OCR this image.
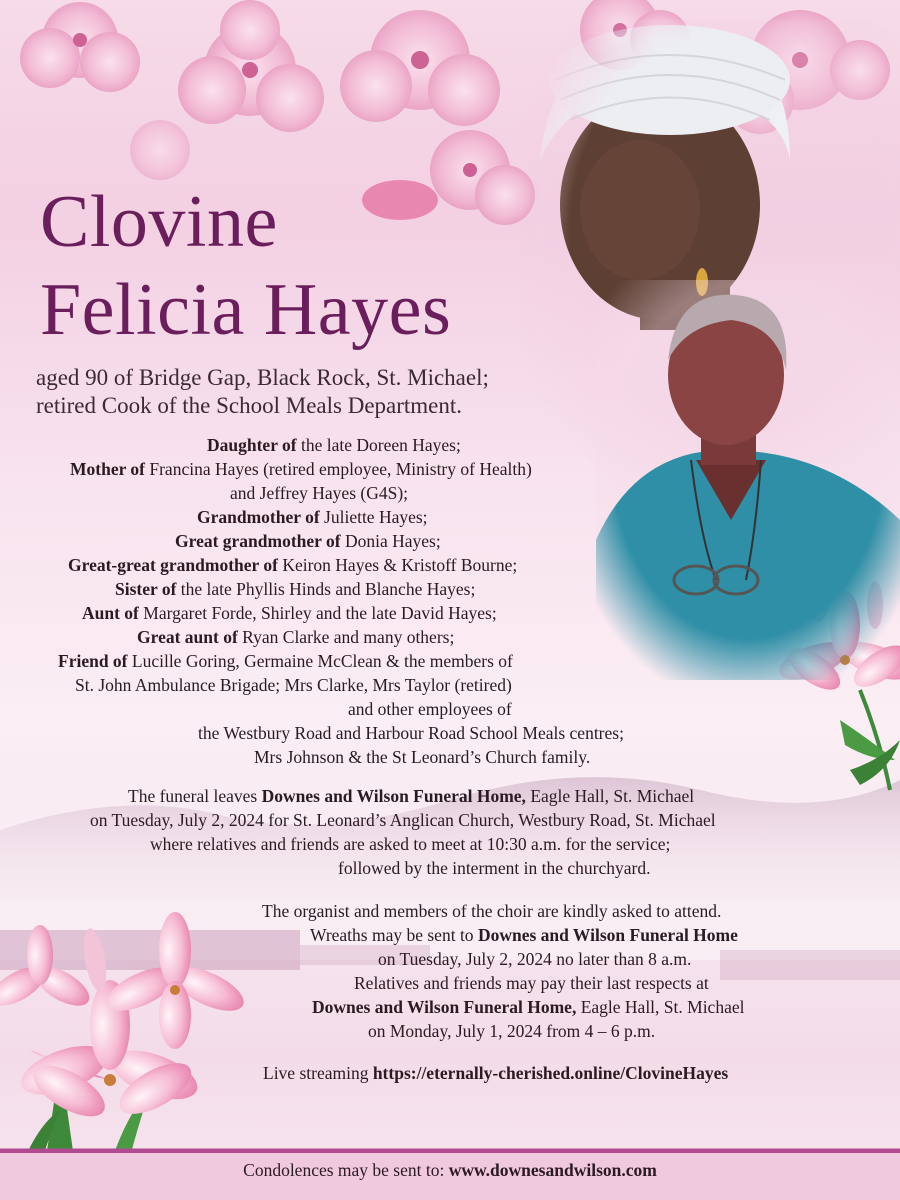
Clovine
Felicia Hayes
aged 90 of Bridge Gap, Black Rock, St. Michael;
retired Cook of the School Meals Department.
Daughter of the late Doreen Hayes;
Mother of Francina Hayes (retired employee, Ministry of Health)
and Jeffrey Hayes (G4S);
Grandmother of Juliette Hayes;
Great grandmother of Donia Hayes;
Great-great grandmother of Keiron Hayes & Kristoff Bourne;
Sister of the late Phyllis Hinds and Blanche Hayes;
Aunt of Margaret Forde, Shirley and the late David Hayes;
Great aunt of Ryan Clarke and many others;
Friend of Lucille Goring, Germaine McClean & the members of
St. John Ambulance Brigade; Mrs Clarke, Mrs Taylor (retired)
and other employees of
the Westbury Road and Harbour Road School Meals centres;
Mrs Johnson & the St Leonard’s Church family.
The funeral leaves Downes and Wilson Funeral Home, Eagle Hall, St. Michael
on Tuesday, July 2, 2024 for St. Leonard’s Anglican Church, Westbury Road, St. Michael
where relatives and friends are asked to meet at 10:30 a.m. for the service;
followed by the interment in the churchyard.
The organist and members of the choir are kindly asked to attend.
Wreaths may be sent to Downes and Wilson Funeral Home
on Tuesday, July 2, 2024 no later than 8 a.m.
Relatives and friends may pay their last respects at
Downes and Wilson Funeral Home, Eagle Hall, St. Michael
on Monday, July 1, 2024 from 4 – 6 p.m.
Live streaming https://eternally-cherished.online/ClovineHayes
Condolences may be sent to: www.downesandwilson.com
